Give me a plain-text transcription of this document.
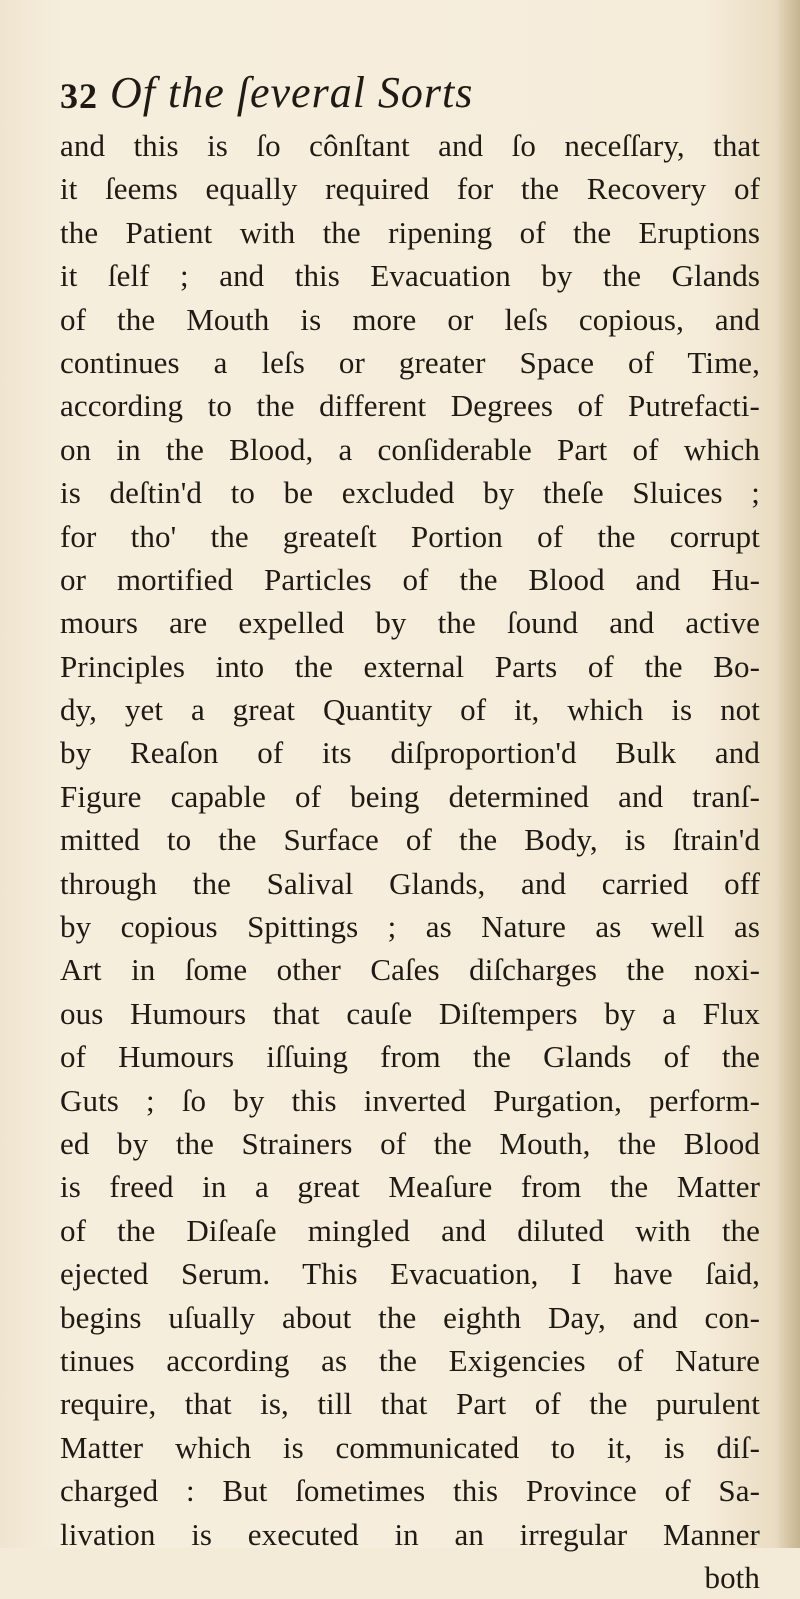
32 Of the ſeveral Sorts
and this is ſo cônſtant and ſo neceſſary, that
it ſeems equally required for the Recovery of
the Patient with the ripening of the Eruptions
it ſelf ; and this Evacuation by the Glands
of the Mouth is more or leſs copious, and
continues a leſs or greater Space of Time,
according to the different Degrees of Putrefacti-
on in the Blood, a conſiderable Part of which
is deſtin'd to be excluded by theſe Sluices ;
for tho' the greateſt Portion of the corrupt
or mortified Particles of the Blood and Hu-
mours are expelled by the ſound and active
Principles into the external Parts of the Bo-
dy, yet a great Quantity of it, which is not
by Reaſon of its diſproportion'd Bulk and
Figure capable of being determined and tranſ-
mitted to the Surface of the Body, is ſtrain'd
through the Salival Glands, and carried off
by copious Spittings ; as Nature as well as
Art in ſome other Caſes diſcharges the noxi-
ous Humours that cauſe Diſtempers by a Flux
of Humours iſſuing from the Glands of the
Guts ; ſo by this inverted Purgation, perform-
ed by the Strainers of the Mouth, the Blood
is freed in a great Meaſure from the Matter
of the Diſeaſe mingled and diluted with the
ejected Serum. This Evacuation, I have ſaid,
begins uſually about the eighth Day, and con-
tinues according as the Exigencies of Nature
require, that is, till that Part of the purulent
Matter which is communicated to it, is diſ-
charged : But ſometimes this Province of Sa-
livation is executed in an irregular Manner
both
